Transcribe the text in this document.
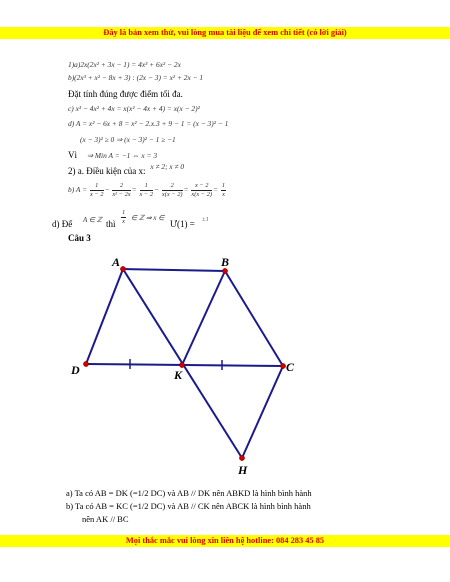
Đây là bản xem thử, vui lòng mua tài liệu để xem chi tiết (có lời giải)
1)a)2x(2x² + 3x − 1) = 4x³ + 6x² − 2x
b)(2x³ + x² − 8x + 3) : (2x − 3) = x² + 2x − 1
Đặt tính đúng được điểm tối đa.
c) x³ − 4x² + 4x = x(x² − 4x + 4) = x(x − 2)²
d) A = x² − 6x + 8 = x² − 2.x.3 + 9 − 1 = (x − 3)² − 1
(x − 3)² ≥ 0 ⇒ (x − 3)² − 1 ≥ −1
Vì ⇒ Min A = −1 ⇔ x = 3
2) a. Điều kiện của x: x ≠ 2; x ≠ 0
b) $A = \frac{1}{x - 2} - \frac{2}{\text{x² − 2x}} = \frac{1}{x - 2} - \frac{2}{x(x - 2)} = \frac{x - 2}{x(x - 2)} = \frac{1}{x}$
d) Để A ∈ ℤ thì $\frac{1}{x}$ ∈ ℤ ⇒ x ∈
Ư(1) = ±1
Câu 3
A	B
D	C
K
H
a) Ta có AB = DK (=1/2 DC) và AB // DK nên ABKD là hình bình hành
b) Ta có AB = KC (=1/2 DC) và AB // CK nên ABCK là hình bình hành
nên AK // BC
Mọi thắc mắc vui lòng xin liên hệ hotline: 084 283 45 85
